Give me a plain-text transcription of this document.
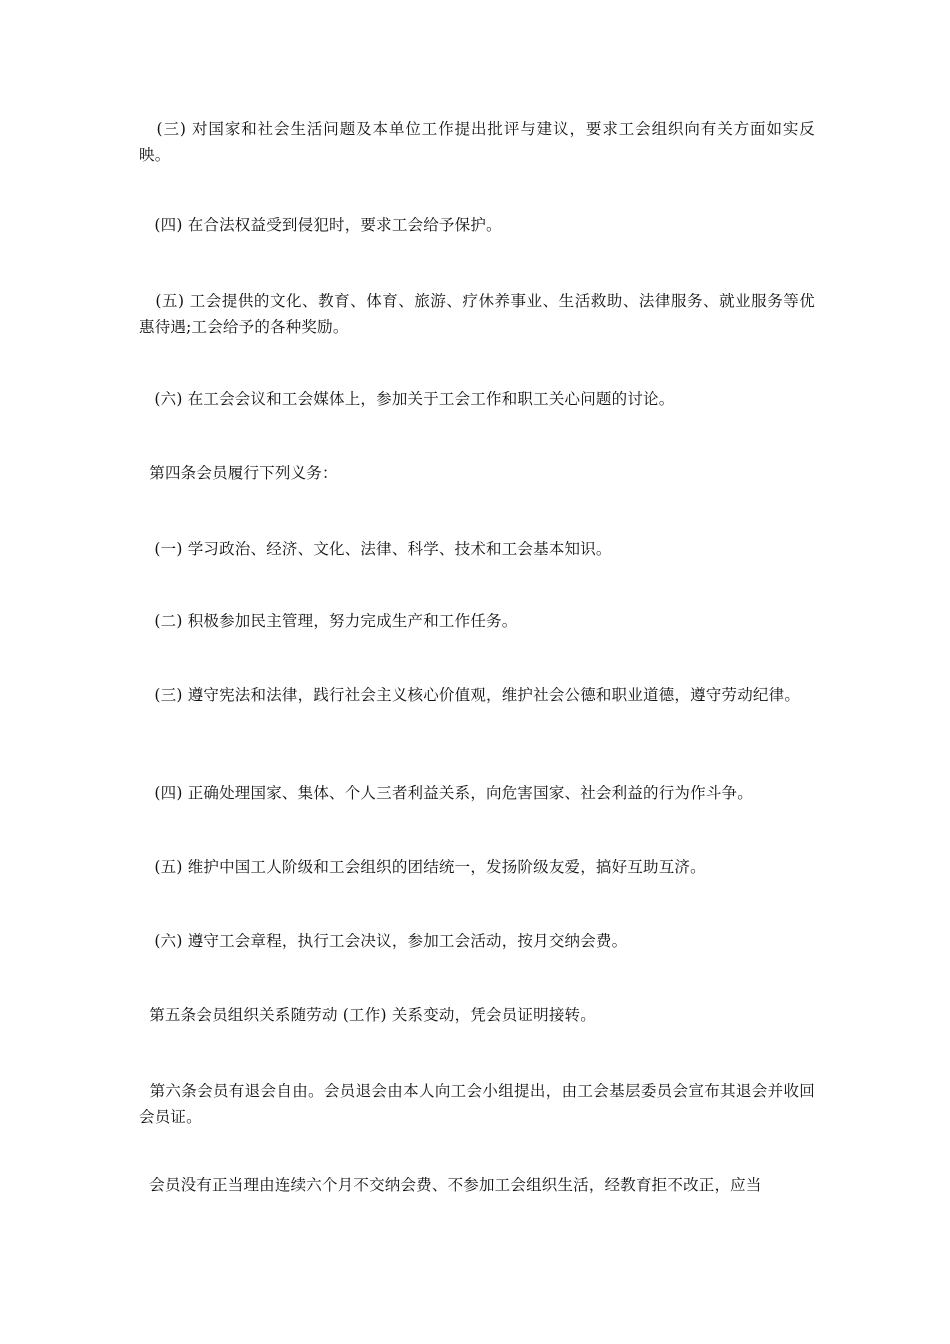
(三) 对国家和社会生活问题及本单位工作提出批评与建议，要求工会组织向有关方面如实反映。

(四) 在合法权益受到侵犯时，要求工会给予保护。

(五) 工会提供的文化、教育、体育、旅游、疗休养事业、生活救助、法律服务、就业服务等优惠待遇;工会给予的各种奖励。

(六) 在工会会议和工会媒体上，参加关于工会工作和职工关心问题的讨论。

第四条会员履行下列义务：

(一) 学习政治、经济、文化、法律、科学、技术和工会基本知识。

(二) 积极参加民主管理，努力完成生产和工作任务。

(三) 遵守宪法和法律，践行社会主义核心价值观，维护社会公德和职业道德，遵守劳动纪律。

(四) 正确处理国家、集体、个人三者利益关系，向危害国家、社会利益的行为作斗争。

(五) 维护中国工人阶级和工会组织的团结统一，发扬阶级友爱，搞好互助互济。

(六) 遵守工会章程，执行工会决议，参加工会活动，按月交纳会费。

第五条会员组织关系随劳动 (工作) 关系变动，凭会员证明接转。

第六条会员有退会自由。会员退会由本人向工会小组提出，由工会基层委员会宣布其退会并收回会员证。

会员没有正当理由连续六个月不交纳会费、不参加工会组织生活，经教育拒不改正，应当
